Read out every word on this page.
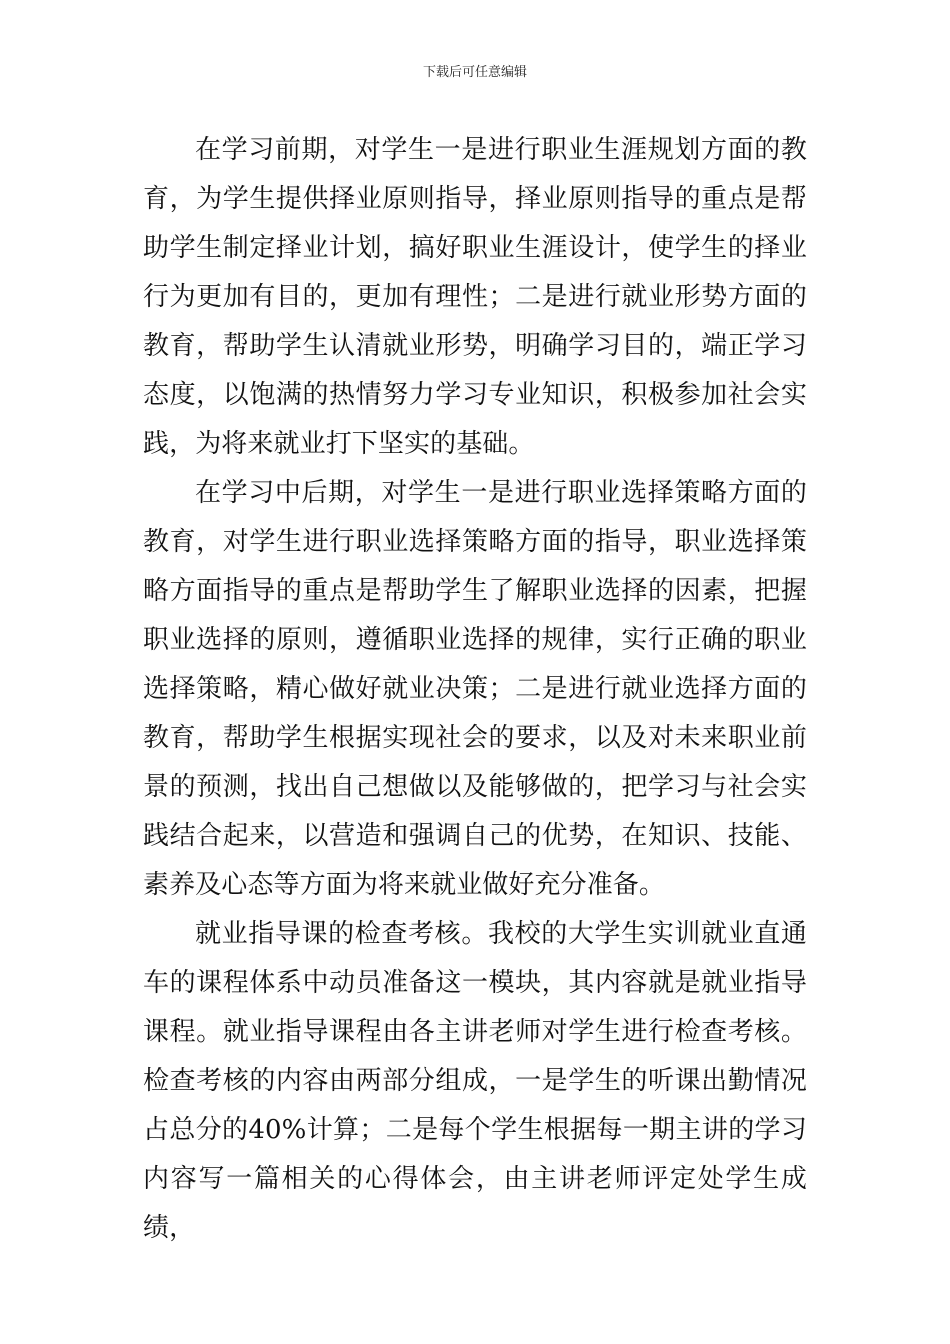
下载后可任意编辑

在学习前期，对学生一是进行职业生涯规划方面的教育，为学生提供择业原则指导，择业原则指导的重点是帮助学生制定择业计划，搞好职业生涯设计，使学生的择业行为更加有目的，更加有理性；二是进行就业形势方面的教育，帮助学生认清就业形势，明确学习目的，端正学习态度，以饱满的热情努力学习专业知识，积极参加社会实践，为将来就业打下坚实的基础。

在学习中后期，对学生一是进行职业选择策略方面的教育，对学生进行职业选择策略方面的指导，职业选择策略方面指导的重点是帮助学生了解职业选择的因素，把握职业选择的原则，遵循职业选择的规律，实行正确的职业选择策略，精心做好就业决策；二是进行就业选择方面的教育，帮助学生根据实现社会的要求，以及对未来职业前景的预测，找出自己想做以及能够做的，把学习与社会实践结合起来，以营造和强调自己的优势，在知识、技能、素养及心态等方面为将来就业做好充分准备。

就业指导课的检查考核。我校的大学生实训就业直通车的课程体系中动员准备这一模块，其内容就是就业指导课程。就业指导课程由各主讲老师对学生进行检查考核。检查考核的内容由两部分组成，一是学生的听课出勤情况占总分的40%计算；二是每个学生根据每一期主讲的学习内容写一篇相关的心得体会，由主讲老师评定处学生成绩，
